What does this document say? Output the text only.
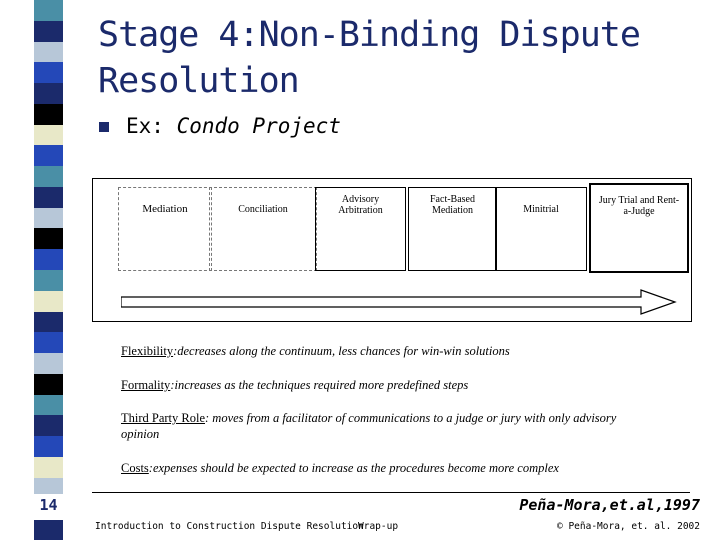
Stage 4:Non-Binding Dispute
Resolution
Ex: Condo Project
Mediation	Conciliation
Advisory Arbitration
Fact-Based Mediation	Minitrial
Jury Trial and Rent-a-Judge
Flexibility:decreases along the continuum, less chances for win-win solutions
Formality:increases as the techniques required more predefined steps
Third Party Role: moves from a facilitator of communications to a judge or jury with only advisory opinion
Costs:expenses should be expected to increase as the procedures become more complex
14	Peña-Mora,et.al,1997
Introduction to Construction Dispute Resolution
Wrap-up	© Peña-Mora, et. al. 2002
